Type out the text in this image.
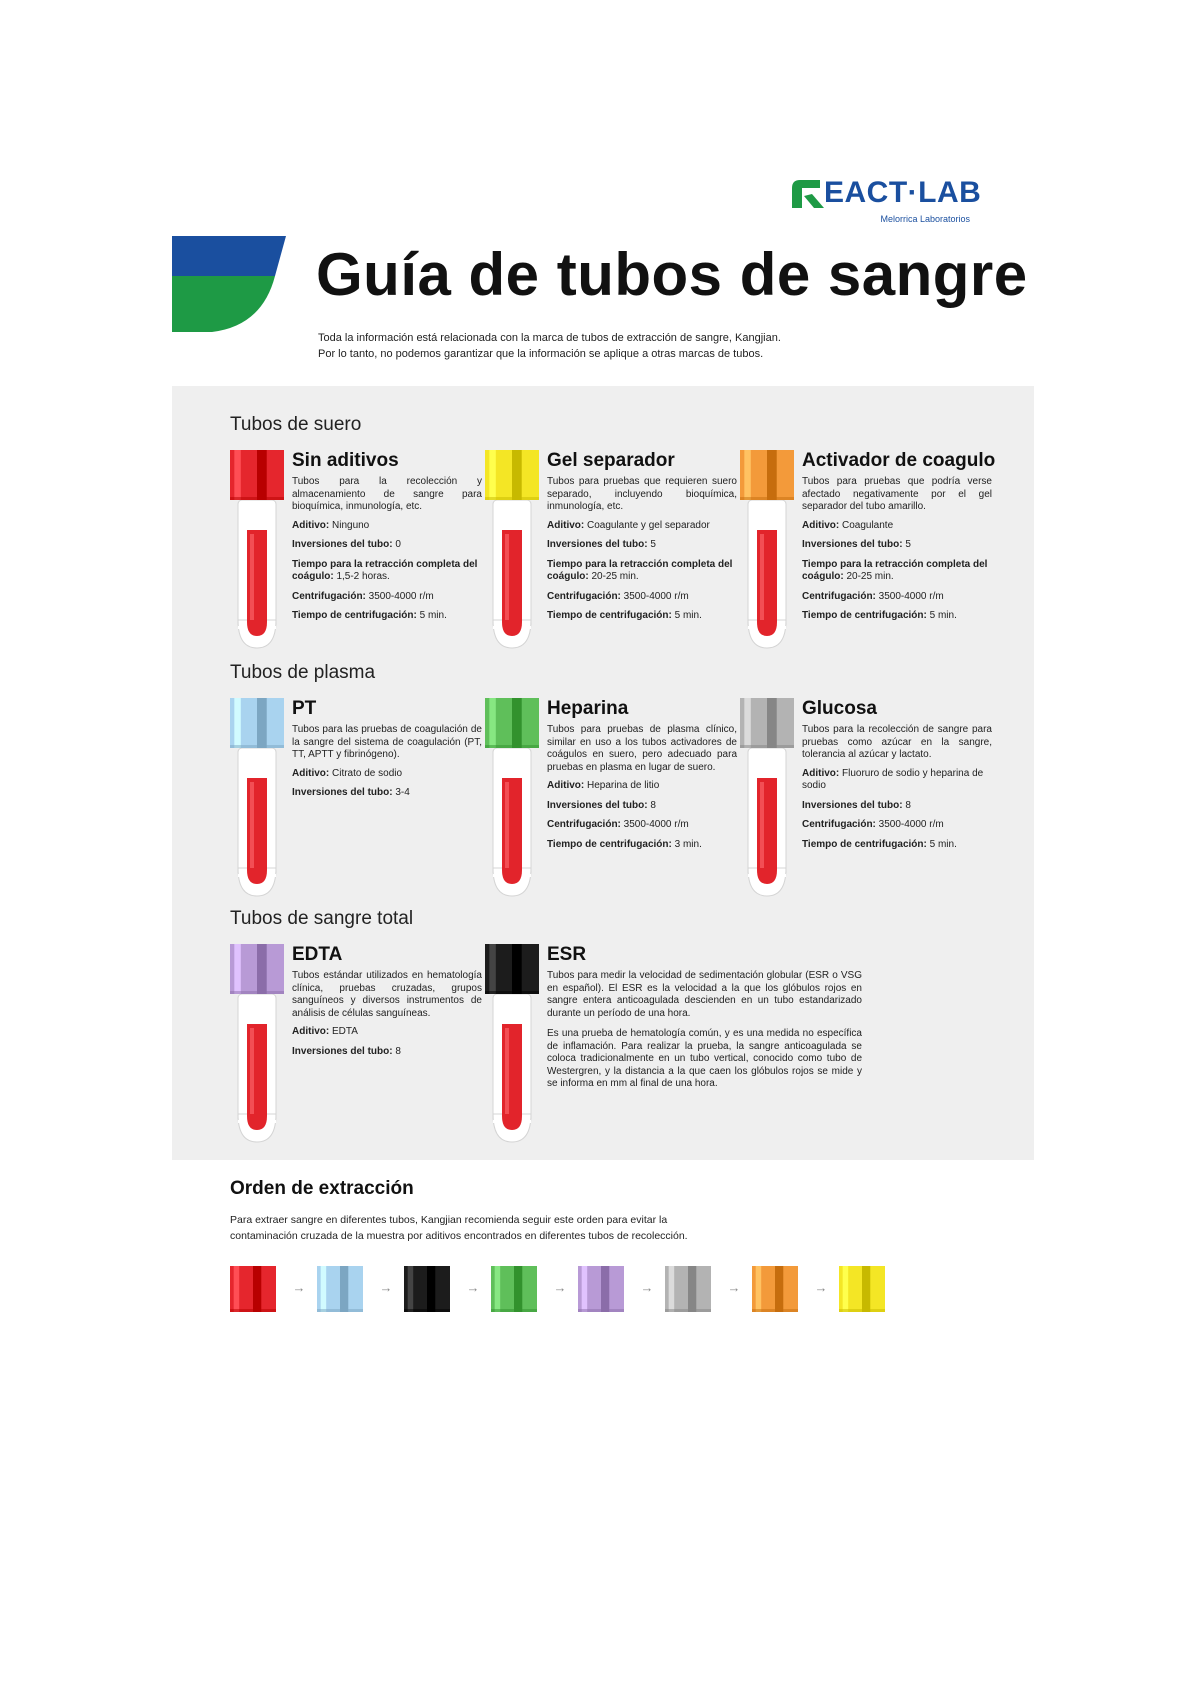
EACT·LAB
Melorrica Laboratorios
Guía de tubos de sangre
Toda la información está relacionada con la marca de tubos de extracción de sangre, Kangjian.
Por lo tanto, no podemos garantizar que la información se aplique a otras marcas de tubos.
Tubos de suero
Tubos de plasma
Tubos de sangre total
Sin aditivos
Tubos para la recolección y almacenamiento de sangre para bioquímica, inmunología, etc.
Aditivo: Ninguno
Inversiones del tubo: 0
Tiempo para la retracción completa del coágulo: 1,5-2 horas.
Centrifugación: 3500-4000 r/m
Tiempo de centrifugación: 5 min.
Gel separador
Tubos para pruebas que requieren suero separado, incluyendo bioquímica, inmunología, etc.
Aditivo: Coagulante y gel separador
Inversiones del tubo: 5
Tiempo para la retracción completa del coágulo: 20-25 min.
Centrifugación: 3500-4000 r/m
Tiempo de centrifugación: 5 min.
Activador de coagulo
Tubos para pruebas que podría verse afectado negativamente por el gel separador del tubo amarillo.
Aditivo: Coagulante
Inversiones del tubo: 5
Tiempo para la retracción completa del coágulo: 20-25 min.
Centrifugación: 3500-4000 r/m
Tiempo de centrifugación: 5 min.
PT
Tubos para las pruebas de coagulación de la sangre del sistema de coagulación (PT, TT, APTT y fibrinógeno).
Aditivo: Citrato de sodio
Inversiones del tubo: 3-4
Heparina
Tubos para pruebas de plasma clínico, similar en uso a los tubos activadores de coágulos en suero, pero adecuado para pruebas en plasma en lugar de suero.
Aditivo: Heparina de litio
Inversiones del tubo: 8
Centrifugación: 3500-4000 r/m
Tiempo de centrifugación: 3 min.
Glucosa
Tubos para la recolección de sangre para pruebas como azúcar en la sangre, tolerancia al azúcar y lactato.
Aditivo: Fluoruro de sodio y heparina de sodio
Inversiones del tubo: 8
Centrifugación: 3500-4000 r/m
Tiempo de centrifugación: 5 min.
EDTA
Tubos estándar utilizados en hematología clínica, pruebas cruzadas, grupos sanguíneos y diversos instrumentos de análisis de células sanguíneas.
Aditivo: EDTA
Inversiones del tubo: 8
ESR
Tubos para medir la velocidad de sedimentación globular (ESR o VSG en español). El ESR es la velocidad a la que los glóbulos rojos en sangre entera anticoagulada descienden en un tubo estandarizado durante un período de una hora.
Es una prueba de hematología común, y es una medida no específica de inflamación. Para realizar la prueba, la sangre anticoagulada se coloca tradicionalmente en un tubo vertical, conocido como tubo de Westergren, y la distancia a la que caen los glóbulos rojos se mide y se informa en mm al final de una hora.
Orden de extracción
Para extraer sangre en diferentes tubos, Kangjian recomienda seguir este orden para evitar la
contaminación cruzada de la muestra por aditivos encontrados en diferentes tubos de recolección.
→	→	→	→	→	→	→
